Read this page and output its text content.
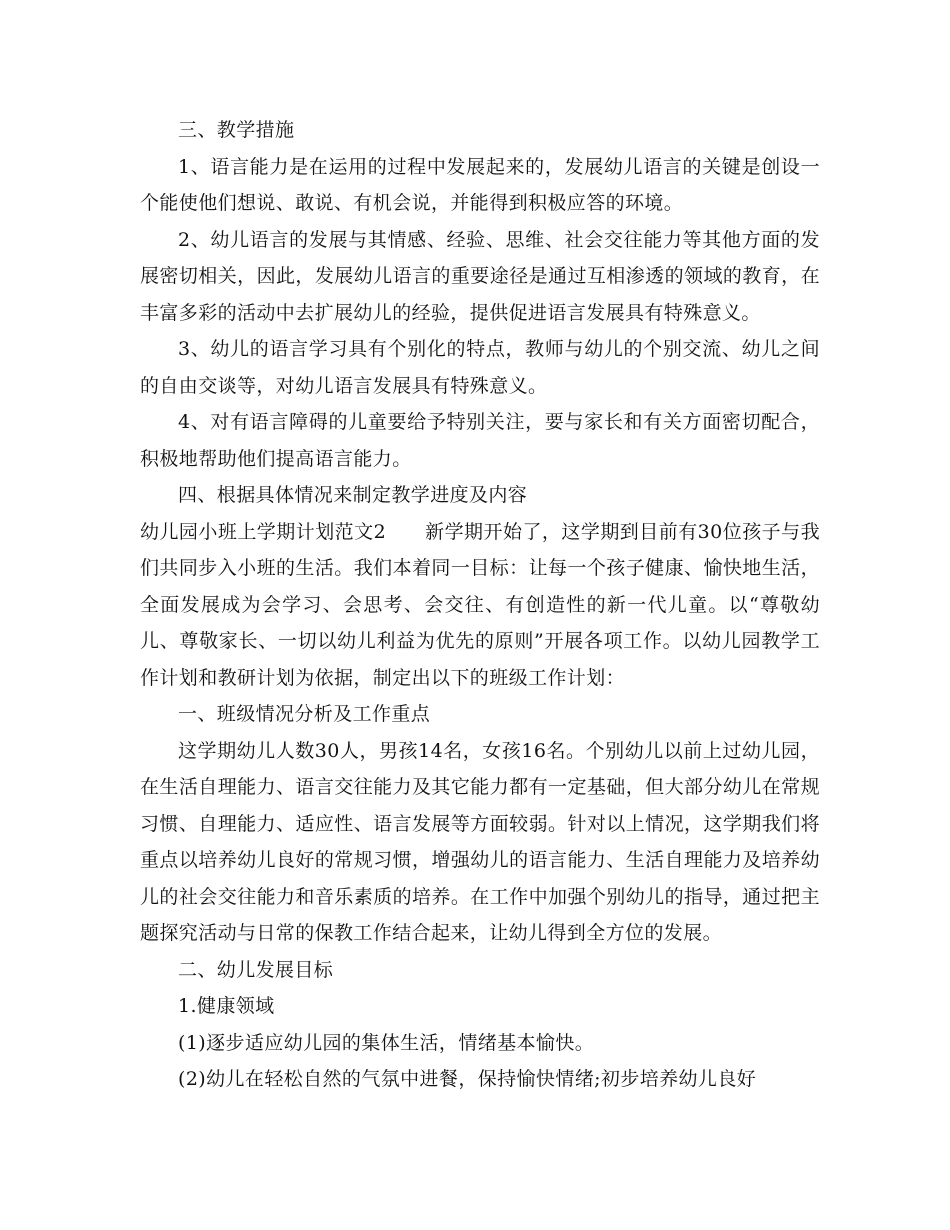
三、教学措施

1、语言能力是在运用的过程中发展起来的，发展幼儿语言的关键是创设一个能使他们想说、敢说、有机会说，并能得到积极应答的环境。

2、幼儿语言的发展与其情感、经验、思维、社会交往能力等其他方面的发展密切相关，因此，发展幼儿语言的重要途径是通过互相渗透的领域的教育，在丰富多彩的活动中去扩展幼儿的经验，提供促进语言发展具有特殊意义。

3、幼儿的语言学习具有个别化的特点，教师与幼儿的个别交流、幼儿之间的自由交谈等，对幼儿语言发展具有特殊意义。

4、对有语言障碍的儿童要给予特别关注，要与家长和有关方面密切配合，积极地帮助他们提高语言能力。

四、根据具体情况来制定教学进度及内容

幼儿园小班上学期计划范文2　　新学期开始了，这学期到目前有30位孩子与我们共同步入小班的生活。我们本着同一目标：让每一个孩子健康、愉快地生活，全面发展成为会学习、会思考、会交往、有创造性的新一代儿童。以“尊敬幼儿、尊敬家长、一切以幼儿利益为优先的原则”开展各项工作。以幼儿园教学工作计划和教研计划为依据，制定出以下的班级工作计划：

一、班级情况分析及工作重点

这学期幼儿人数30人，男孩14名，女孩16名。个别幼儿以前上过幼儿园，在生活自理能力、语言交往能力及其它能力都有一定基础，但大部分幼儿在常规习惯、自理能力、适应性、语言发展等方面较弱。针对以上情况，这学期我们将重点以培养幼儿良好的常规习惯，增强幼儿的语言能力、生活自理能力及培养幼儿的社会交往能力和音乐素质的培养。在工作中加强个别幼儿的指导，通过把主题探究活动与日常的保教工作结合起来，让幼儿得到全方位的发展。

二、幼儿发展目标

1.健康领域

(1)逐步适应幼儿园的集体生活，情绪基本愉快。

(2)幼儿在轻松自然的气氛中进餐，保持愉快情绪;初步培养幼儿良好
